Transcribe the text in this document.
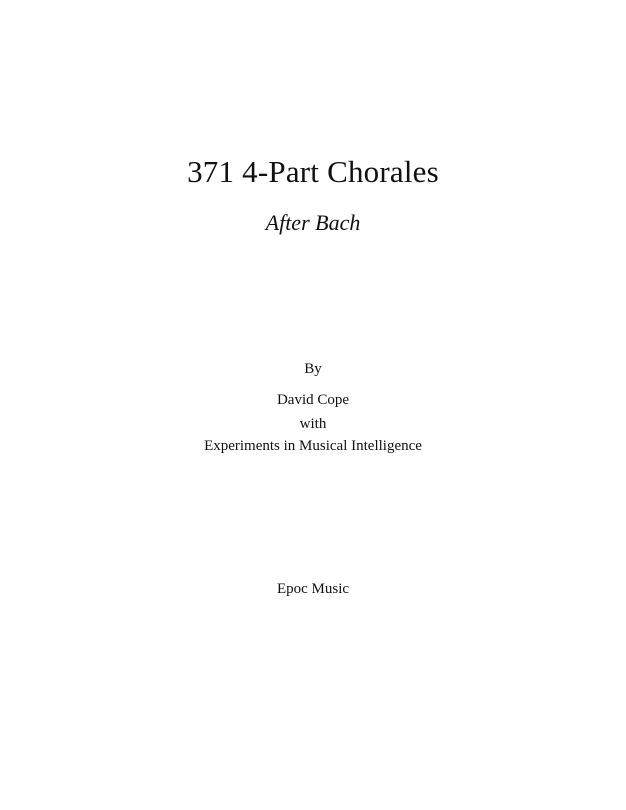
371 4-Part Chorales
After Bach
By
David Cope
with
Experiments in Musical Intelligence
Epoc Music
